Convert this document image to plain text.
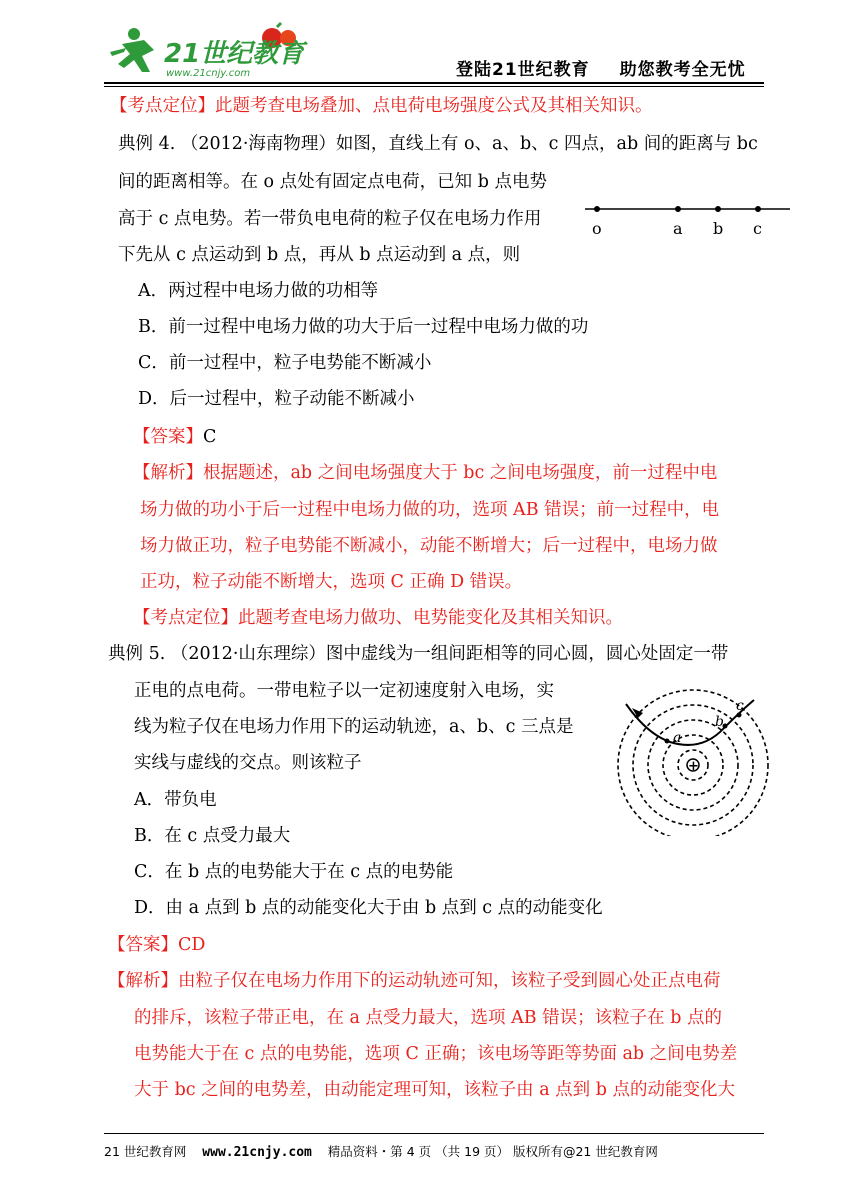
21世纪教育
www.21cnjy.com	登陆21世纪教育 助您教考全无忧
【考点定位】此题考查电场叠加、点电荷电场强度公式及其相关知识。
典例 4. （2012·海南物理）如图，直线上有 o、a、b、c 四点，ab 间的距离与 bc
间的距离相等。在 o 点处有固定点电荷，已知 b 点电势
高于 c 点电势。若一带负电电荷的粒子仅在电场力作用
下先从 c 点运动到 b 点，再从 b 点运动到 a 点，则
o	a b c
A．两过程中电场力做的功相等
B．前一过程中电场力做的功大于后一过程中电场力做的功
C．前一过程中，粒子电势能不断减小
D．后一过程中，粒子动能不断减小
【答案】C
【解析】根据题述，ab 之间电场强度大于 bc 之间电场强度，前一过程中电
场力做的功小于后一过程中电场力做的功，选项 AB 错误；前一过程中，电
场力做正功，粒子电势能不断减小，动能不断增大；后一过程中，电场力做
正功，粒子动能不断增大，选项 C 正确 D 错误。
【考点定位】此题考查电场力做功、电势能变化及其相关知识。
典例 5. （2012·山东理综）图中虚线为一组间距相等的同心圆，圆心处固定一带
正电的点电荷。一带电粒子以一定初速度射入电场，实
线为粒子仅在电场力作用下的运动轨迹，a、b、c 三点是
实线与虚线的交点。则该粒子
a
b
c
+
A．带负电
B．在 c 点受力最大
C．在 b 点的电势能大于在 c 点的电势能
D．由 a 点到 b 点的动能变化大于由 b 点到 c 点的动能变化
【答案】CD
【解析】由粒子仅在电场力作用下的运动轨迹可知，该粒子受到圆心处正点电荷
的排斥，该粒子带正电，在 a 点受力最大，选项 AB 错误；该粒子在 b 点的
电势能大于在 c 点的电势能，选项 C 正确；该电场等距等势面 ab 之间电势差
大于 bc 之间的电势差，由动能定理可知，该粒子由 a 点到 b 点的动能变化大
21 世纪教育网 www.21cnjy.com 精品资料・第 4 页 （共 19 页） 版权所有@21 世纪教育网
